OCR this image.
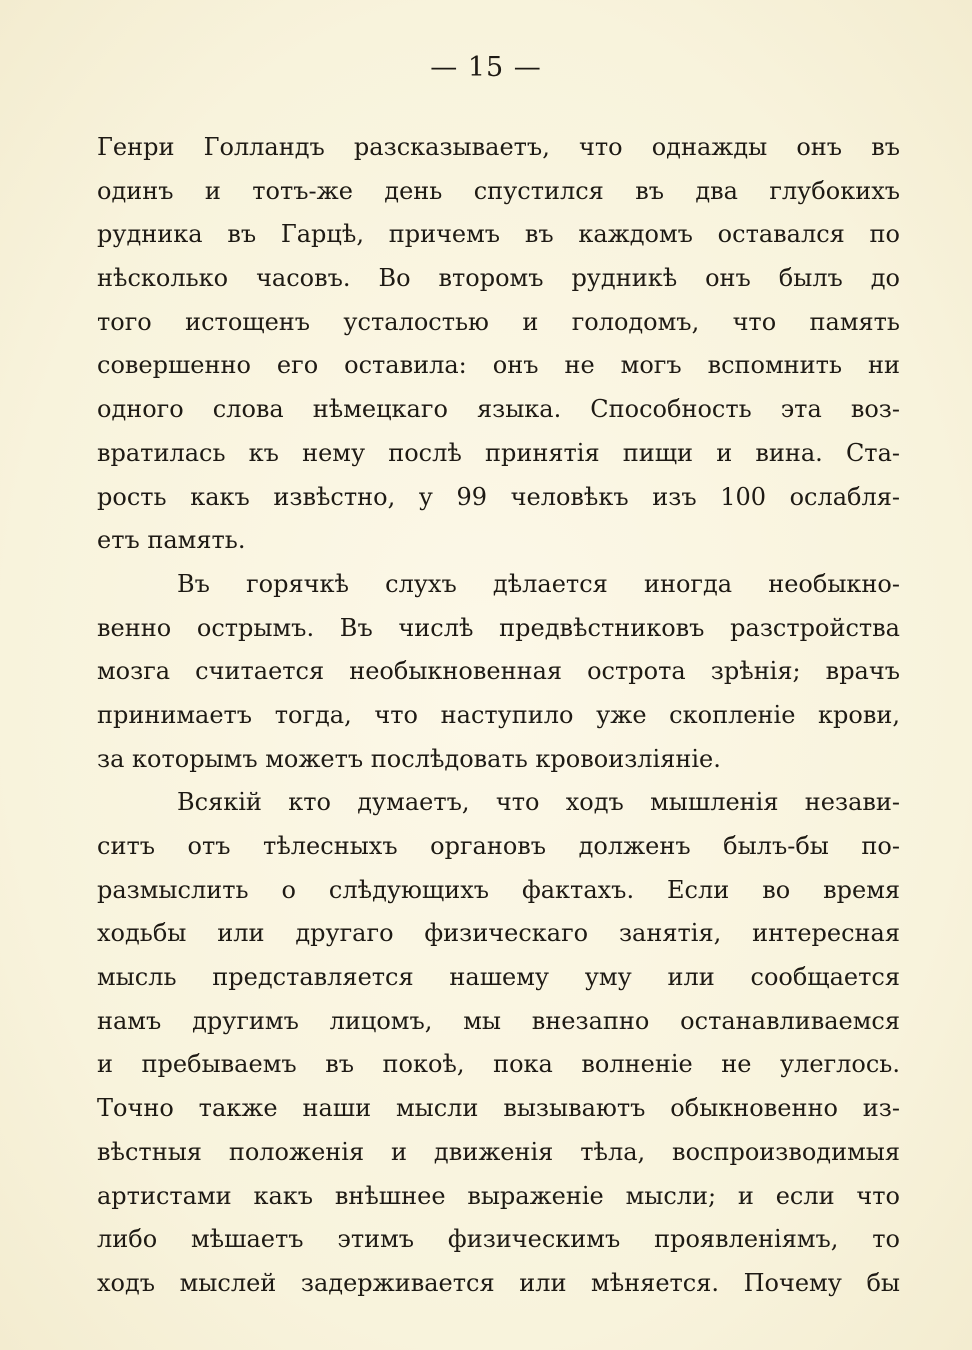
— 15 —
Генри Голландъ разсказываетъ, что однажды онъ въ
одинъ и тотъ-же день спустился въ два глубокихъ
рудника въ Гарцѣ, причемъ въ каждомъ оставался по
нѣсколько часовъ. Во второмъ рудникѣ онъ былъ до
того истощенъ усталостью и голодомъ, что память
совершенно его оставила: онъ не могъ вспомнить ни
одного слова нѣмецкаго языка. Способность эта воз-
вратилась къ нему послѣ принятія пищи и вина. Ста-
рость какъ извѣстно, у 99 человѣкъ изъ 100 ослабля-
етъ память.
Въ горячкѣ слухъ дѣлается иногда необыкно-
венно острымъ. Въ числѣ предвѣстниковъ разстройства
мозга считается необыкновенная острота зрѣнія; врачъ
принимаетъ тогда, что наступило уже скопленіе крови,
за которымъ можетъ послѣдовать кровоизліяніе.
Всякій кто думаетъ, что ходъ мышленія незави-
ситъ отъ тѣлесныхъ органовъ долженъ былъ-бы по-
размыслить о слѣдующихъ фактахъ. Если во время
ходьбы или другаго физическаго занятія, интересная
мысль представляется нашему уму или сообщается
намъ другимъ лицомъ, мы внезапно останавливаемся
и пребываемъ въ покоѣ, пока волненіе не улеглось.
Точно также наши мысли вызываютъ обыкновенно из-
вѣстныя положенія и движенія тѣла, воспроизводимыя
артистами какъ внѣшнее выраженіе мысли; и если что
либо мѣшаетъ этимъ физическимъ проявленіямъ, то
ходъ мыслей задерживается или мѣняется. Почему бы
